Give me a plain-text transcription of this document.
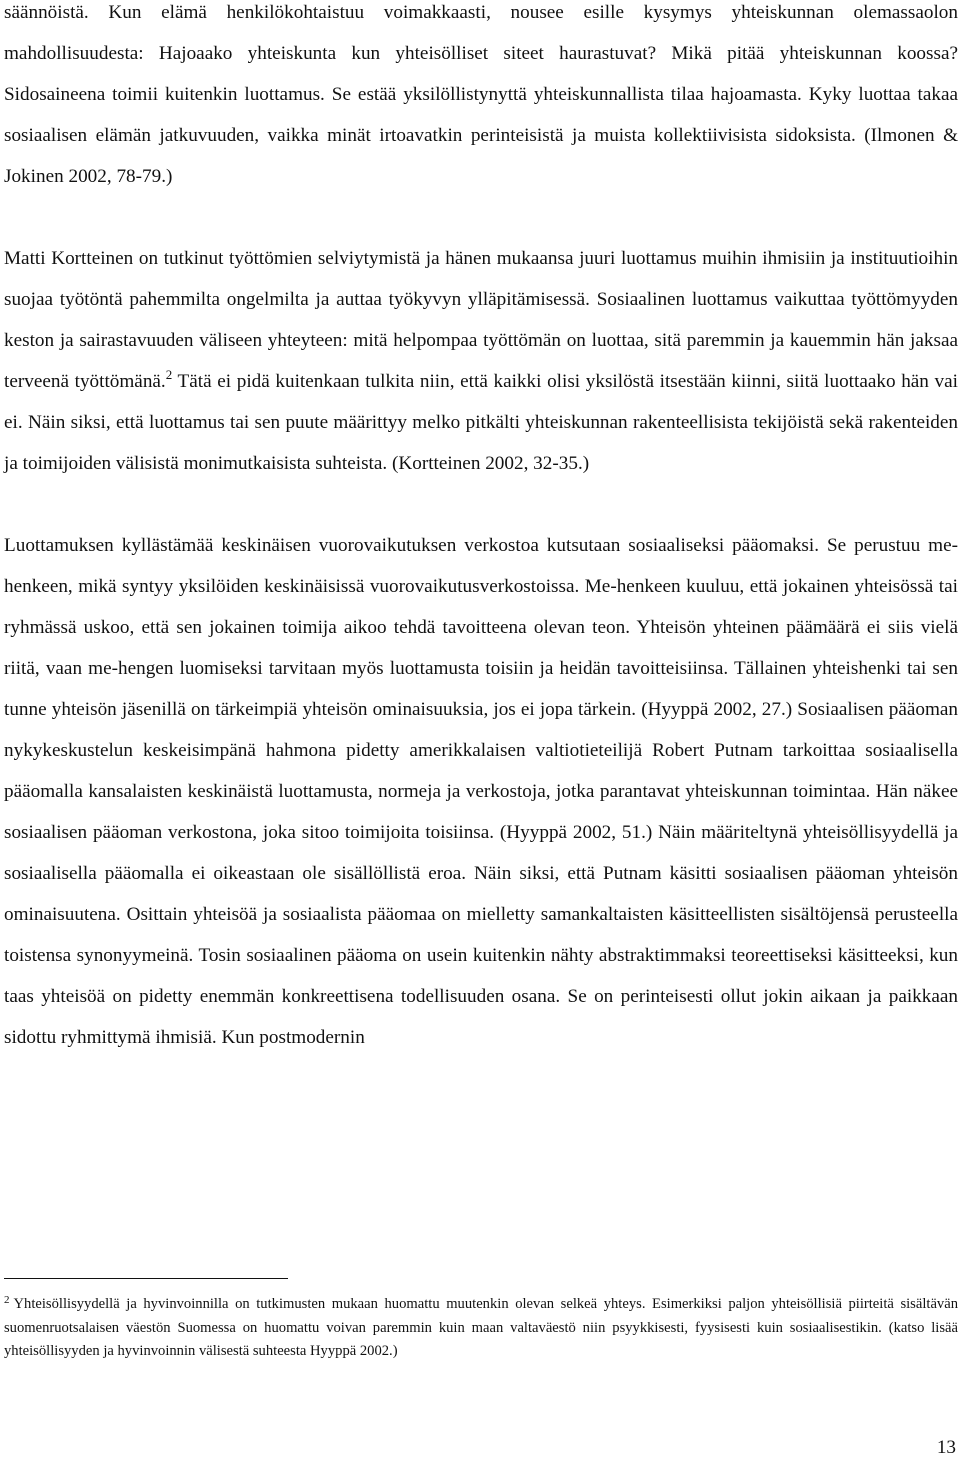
säännöistä. Kun elämä henkilökohtaistuu voimakkaasti, nousee esille kysymys yhteiskunnan olemassaolon mahdollisuudesta: Hajoaako yhteiskunta kun yhteisölliset siteet haurastuvat? Mikä pitää yhteiskunnan koossa? Sidosaineena toimii kuitenkin luottamus. Se estää yksilöllistynyttä yhteiskunnallista tilaa hajoamasta. Kyky luottaa takaa sosiaalisen elämän jatkuvuuden, vaikka minät irtoavatkin perinteisistä ja muista kollektiivisista sidoksista. (Ilmonen & Jokinen 2002, 78-79.)

Matti Kortteinen on tutkinut työttömien selviytymistä ja hänen mukaansa juuri luottamus muihin ihmisiin ja instituutioihin suojaa työtöntä pahemmilta ongelmilta ja auttaa työkyvyn ylläpitämisessä. Sosiaalinen luottamus vaikuttaa työttömyyden keston ja sairastavuuden väliseen yhteyteen: mitä helpompaa työttömän on luottaa, sitä paremmin ja kauemmin hän jaksaa terveenä työttömänä.$^2$ Tätä ei pidä kuitenkaan tulkita niin, että kaikki olisi yksilöstä itsestään kiinni, siitä luottaako hän vai ei. Näin siksi, että luottamus tai sen puute määrittyy melko pitkälti yhteiskunnan rakenteellisista tekijöistä sekä rakenteiden ja toimijoiden välisistä monimutkaisista suhteista. (Kortteinen 2002, 32-35.)

Luottamuksen kyllästämää keskinäisen vuorovaikutuksen verkostoa kutsutaan sosiaaliseksi pääomaksi. Se perustuu me-henkeen, mikä syntyy yksilöiden keskinäisissä vuorovaikutusverkostoissa. Me-henkeen kuuluu, että jokainen yhteisössä tai ryhmässä uskoo, että sen jokainen toimija aikoo tehdä tavoitteena olevan teon. Yhteisön yhteinen päämäärä ei siis vielä riitä, vaan me-hengen luomiseksi tarvitaan myös luottamusta toisiin ja heidän tavoitteisiinsa. Tällainen yhteishenki tai sen tunne yhteisön jäsenillä on tärkeimpiä yhteisön ominaisuuksia, jos ei jopa tärkein. (Hyyppä 2002, 27.) Sosiaalisen pääoman nykykeskustelun keskeisimpänä hahmona pidetty amerikkalaisen valtiotieteilijä Robert Putnam tarkoittaa sosiaalisella pääomalla kansalaisten keskinäistä luottamusta, normeja ja verkostoja, jotka parantavat yhteiskunnan toimintaa. Hän näkee sosiaalisen pääoman verkostona, joka sitoo toimijoita toisiinsa. (Hyyppä 2002, 51.) Näin määriteltynä yhteisöllisyydellä ja sosiaalisella pääomalla ei oikeastaan ole sisällöllistä eroa. Näin siksi, että Putnam käsitti sosiaalisen pääoman yhteisön ominaisuutena. Osittain yhteisöä ja sosiaalista pääomaa on mielletty samankaltaisten käsitteellisten sisältöjensä perusteella toistensa synonyymeinä. Tosin sosiaalinen pääoma on usein kuitenkin nähty abstraktimmaksi teoreettiseksi käsitteeksi, kun taas yhteisöä on pidetty enemmän konkreettisena todellisuuden osana. Se on perinteisesti ollut jokin aikaan ja paikkaan sidottu ryhmittymä ihmisiä. Kun postmodernin

$^2$ Yhteisöllisyydellä ja hyvinvoinnilla on tutkimusten mukaan huomattu muutenkin olevan selkeä yhteys. Esimerkiksi paljon yhteisöllisiä piirteitä sisältävän suomenruotsalaisen väestön Suomessa on huomattu voivan paremmin kuin maan valtaväestö niin psyykkisesti, fyysisesti kuin sosiaalisestikin. (katso lisää yhteisöllisyyden ja hyvinvoinnin välisestä suhteesta Hyyppä 2002.)

13
